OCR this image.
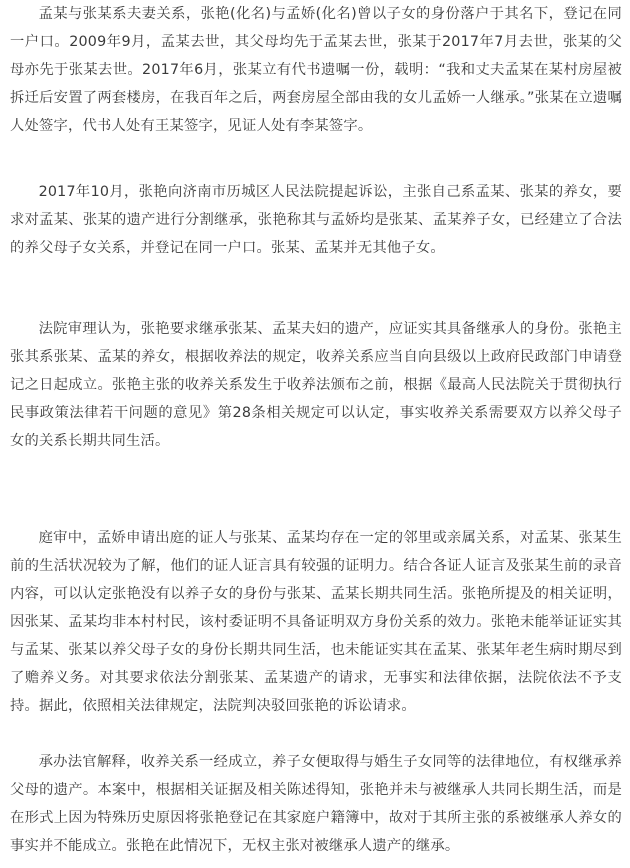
孟某与张某系夫妻关系，张艳(化名)与孟娇(化名)曾以子女的身份落户于其名下，登记在同一户口。2009年9月，孟某去世，其父母均先于孟某去世，张某于2017年7月去世，张某的父母亦先于张某去世。2017年6月，张某立有代书遗嘱一份，载明：“我和丈夫孟某在某村房屋被拆迁后安置了两套楼房，在我百年之后，两套房屋全部由我的女儿孟娇一人继承。”张某在立遗嘱人处签字，代书人处有王某签字，见证人处有李某签字。

2017年10月，张艳向济南市历城区人民法院提起诉讼，主张自己系孟某、张某的养女，要求对孟某、张某的遗产进行分割继承，张艳称其与孟娇均是张某、孟某养子女，已经建立了合法的养父母子女关系，并登记在同一户口。张某、孟某并无其他子女。

法院审理认为，张艳要求继承张某、孟某夫妇的遗产，应证实其具备继承人的身份。张艳主张其系张某、孟某的养女，根据收养法的规定，收养关系应当自向县级以上政府民政部门申请登记之日起成立。张艳主张的收养关系发生于收养法颁布之前，根据《最高人民法院关于贯彻执行民事政策法律若干问题的意见》第28条相关规定可以认定，事实收养关系需要双方以养父母子女的关系长期共同生活。

庭审中，孟娇申请出庭的证人与张某、孟某均存在一定的邻里或亲属关系，对孟某、张某生前的生活状况较为了解，他们的证人证言具有较强的证明力。结合各证人证言及张某生前的录音内容，可以认定张艳没有以养子女的身份与张某、孟某长期共同生活。张艳所提及的相关证明，因张某、孟某均非本村村民，该村委证明不具备证明双方身份关系的效力。张艳未能举证证实其与孟某、张某以养父母子女的身份长期共同生活，也未能证实其在孟某、张某年老生病时期尽到了赡养义务。对其要求依法分割张某、孟某遗产的请求，无事实和法律依据，法院依法不予支持。据此，依照相关法律规定，法院判决驳回张艳的诉讼请求。

承办法官解释，收养关系一经成立，养子女便取得与婚生子女同等的法律地位，有权继承养父母的遗产。本案中，根据相关证据及相关陈述得知，张艳并未与被继承人共同长期生活，而是在形式上因为特殊历史原因将张艳登记在其家庭户籍簿中，故对于其所主张的系被继承人养女的事实并不能成立。张艳在此情况下，无权主张对被继承人遗产的继承。
